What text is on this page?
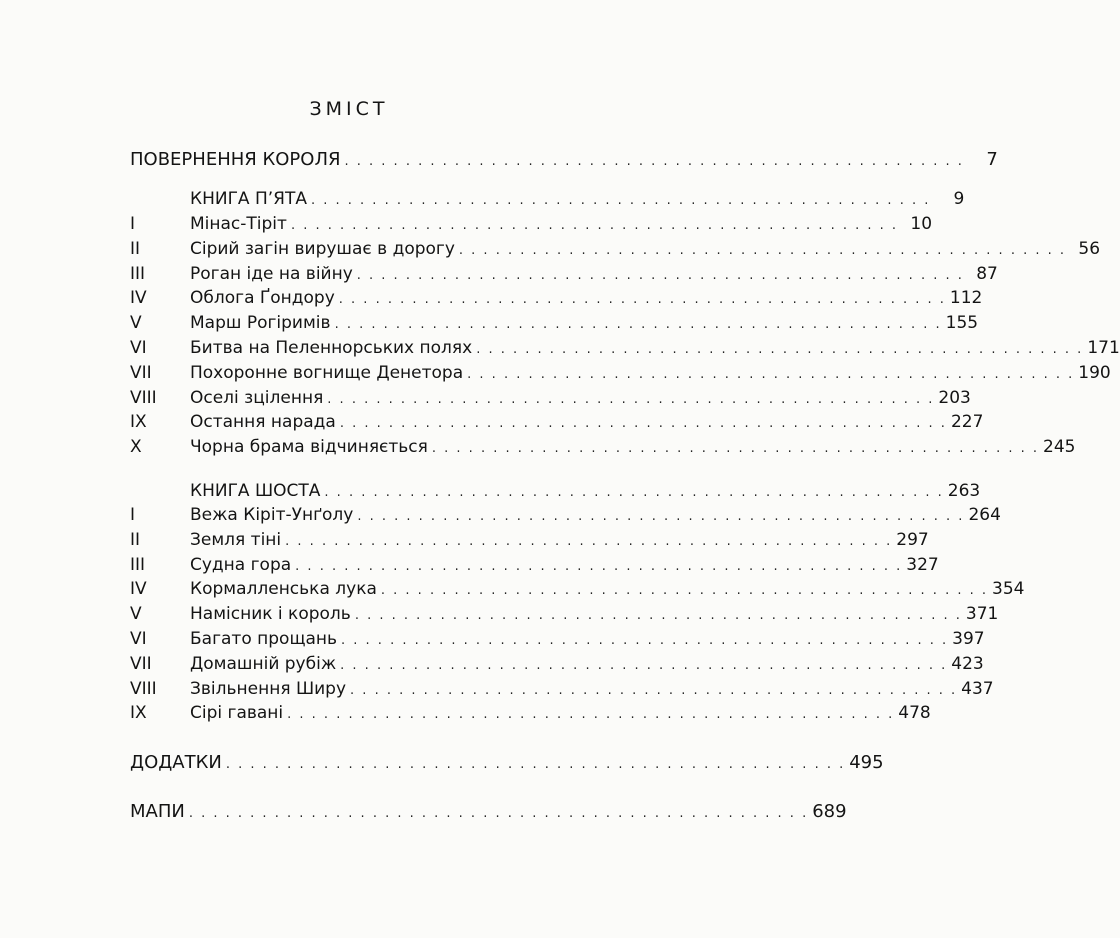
ЗМІСТ
ПОВЕРНЕННЯ КОРОЛЯ . . . . . . . . . . . . . . . . . . . . . . . . . . . . . . . . . . . . . . . . . . . . . . . . . . .	7
КНИГА П’ЯТА . . . . . . . . . . . . . . . . . . . . . . . . . . . . . . . . . . . . . . . . . . . . . . . . . . .	9
I	Мінас-Тіріт . . . . . . . . . . . . . . . . . . . . . . . . . . . . . . . . . . . . . . . . . . . . . . . . . . 10
II	Сірий загін вирушає в дорогу . . . . . . . . . . . . . . . . . . . . . . . . . . . . . . . . . . . . . . . . . . . . . . . . . . 56
III	Роган іде на війну . . . . . . . . . . . . . . . . . . . . . . . . . . . . . . . . . . . . . . . . . . . . . . . . . . 87
IV	Облога Ґондору . . . . . . . . . . . . . . . . . . . . . . . . . . . . . . . . . . . . . . . . . . . . . . . . . . 112
V	Марш Рогіримів . . . . . . . . . . . . . . . . . . . . . . . . . . . . . . . . . . . . . . . . . . . . . . . . . . 155
VI	Битва на Пеленнорських полях . . . . . . . . . . . . . . . . . . . . . . . . . . . . . . . . . . . . . . . . . . . . . . . . . . 171
VII	Похоронне вогнище Денетора . . . . . . . . . . . . . . . . . . . . . . . . . . . . . . . . . . . . . . . . . . . . . . . . . . 190
VIII	Оселі зцілення . . . . . . . . . . . . . . . . . . . . . . . . . . . . . . . . . . . . . . . . . . . . . . . . . . 203
IX	Остання нарада . . . . . . . . . . . . . . . . . . . . . . . . . . . . . . . . . . . . . . . . . . . . . . . . . . 227
X	Чорна брама відчиняється . . . . . . . . . . . . . . . . . . . . . . . . . . . . . . . . . . . . . . . . . . . . . . . . . . 245
КНИГА ШОСТА . . . . . . . . . . . . . . . . . . . . . . . . . . . . . . . . . . . . . . . . . . . . . . . . . . . 263
I	Вежа Кіріт-Унґолу . . . . . . . . . . . . . . . . . . . . . . . . . . . . . . . . . . . . . . . . . . . . . . . . . . 264
II	Земля тіні . . . . . . . . . . . . . . . . . . . . . . . . . . . . . . . . . . . . . . . . . . . . . . . . . . 297
III	Судна гора . . . . . . . . . . . . . . . . . . . . . . . . . . . . . . . . . . . . . . . . . . . . . . . . . . 327
IV	Кормалленська лука . . . . . . . . . . . . . . . . . . . . . . . . . . . . . . . . . . . . . . . . . . . . . . . . . . 354
V	Намісник і король . . . . . . . . . . . . . . . . . . . . . . . . . . . . . . . . . . . . . . . . . . . . . . . . . . 371
VI	Багато прощань . . . . . . . . . . . . . . . . . . . . . . . . . . . . . . . . . . . . . . . . . . . . . . . . . . 397
VII	Домашній рубіж . . . . . . . . . . . . . . . . . . . . . . . . . . . . . . . . . . . . . . . . . . . . . . . . . . 423
VIII	Звільнення Ширу . . . . . . . . . . . . . . . . . . . . . . . . . . . . . . . . . . . . . . . . . . . . . . . . . . 437
IX	Сірі гавані . . . . . . . . . . . . . . . . . . . . . . . . . . . . . . . . . . . . . . . . . . . . . . . . . . 478
ДОДАТКИ . . . . . . . . . . . . . . . . . . . . . . . . . . . . . . . . . . . . . . . . . . . . . . . . . . . 495
МАПИ . . . . . . . . . . . . . . . . . . . . . . . . . . . . . . . . . . . . . . . . . . . . . . . . . . . 689
